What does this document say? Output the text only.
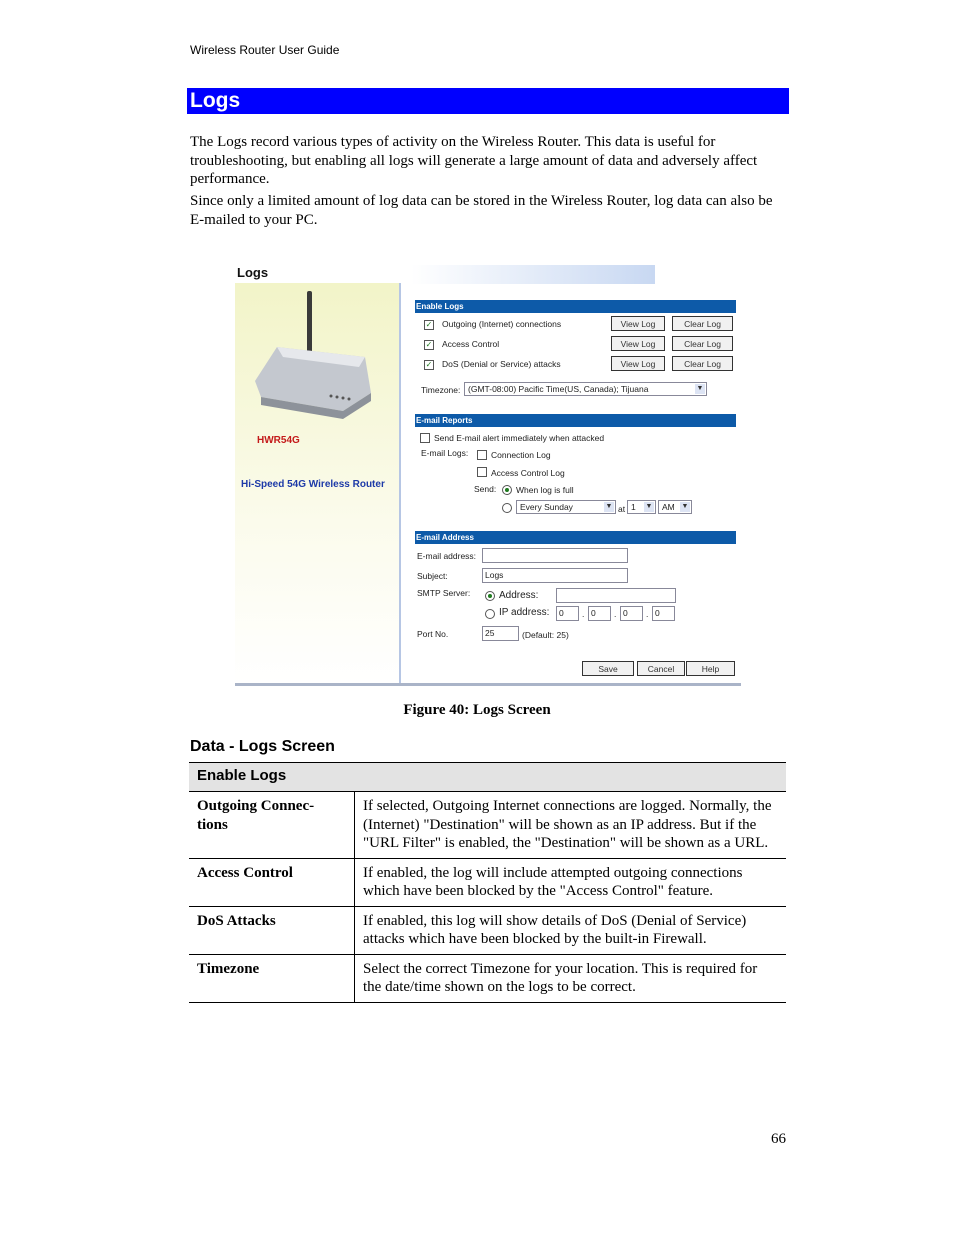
Wireless Router User Guide
Logs

The Logs record various types of activity on the Wireless Router. This data is useful for troubleshooting, but enabling all logs will generate a large amount of data and adversely affect performance.

Since only a limited amount of log data can be stored in the Wireless Router, log data can also be E-mailed to your PC.

Logs
HWR54G
Hi-Speed 54G Wireless Router
Enable Logs
✓ Outgoing (Internet) connections	View Log	Clear Log
✓ Access Control	View Log	Clear Log
✓ DoS (Denial or Service) attacks	View Log	Clear Log
Timezone: (GMT-08:00) Pacific Time(US, Canada); Tijuana	▼
E-mail Reports
Send E-mail alert immediately when attacked
E-mail Logs:	Connection Log
Access Control Log
Send: When log is full
Every Sunday	▼ at 1 ▼	AM ▼
E-mail Address
E-mail address:
Subject:	Logs
SMTP Server:	Address:
IP address:	0	. 0	. 0	. 0
Port No.	25	(Default: 25)
Save	Cancel	Help
Figure 40: Logs Screen
Data - Logs Screen
Enable Logs	
Outgoing Connec-
tions	If selected, Outgoing Internet connections are logged. Normally, the (Internet) "Destination" will be shown as an IP address. But if the "URL Filter" is enabled, the "Destination" will be shown as a URL.
Access Control	If enabled, the log will include attempted outgoing connections which have been blocked by the "Access Control" feature.
DoS Attacks	If enabled, this log will show details of DoS (Denial of Service) attacks which have been blocked by the built-in Firewall.
Timezone	Select the correct Timezone for your location. This is required for the date/time shown on the logs to be correct.
66
